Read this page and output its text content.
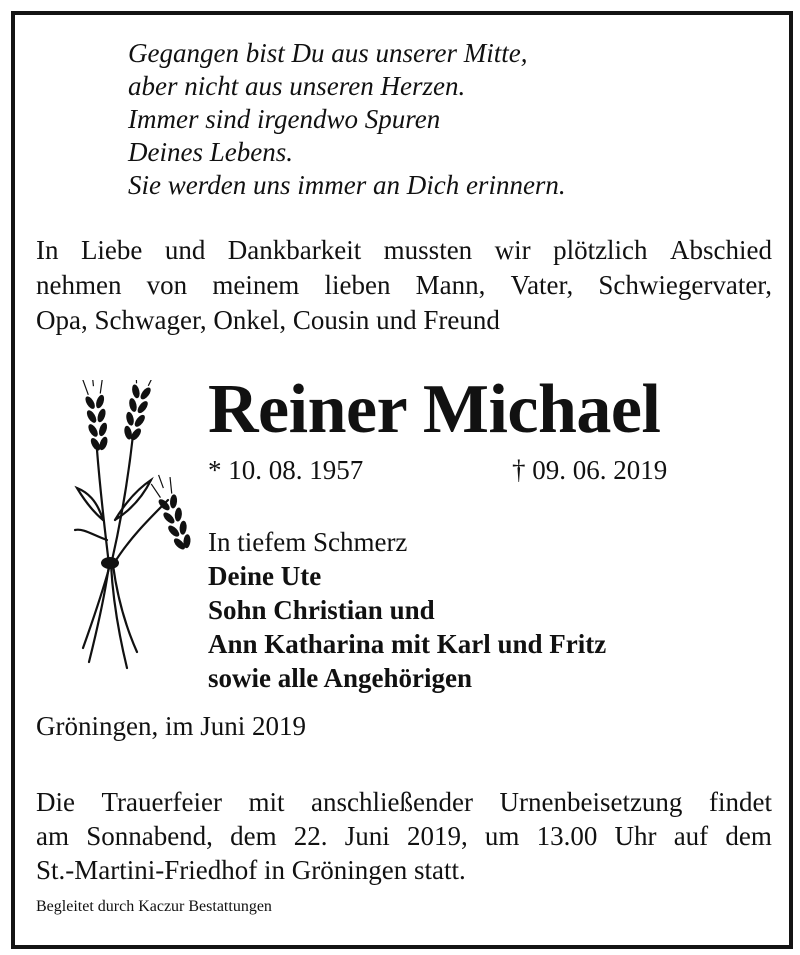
Gegangen bist Du aus unserer Mitte,
aber nicht aus unseren Herzen.
Immer sind irgendwo Spuren
Deines Lebens.
Sie werden uns immer an Dich erinnern.
In Liebe und Dankbarkeit mussten wir plötzlich Abschied
nehmen von meinem lieben Mann, Vater, Schwiegervater,
Opa, Schwager, Onkel, Cousin und Freund
Reiner Michael
* 10. 08. 1957	† 09. 06. 2019
In tiefem Schmerz
Deine Ute
Sohn Christian und
Ann Katharina mit Karl und Fritz
sowie alle Angehörigen
Gröningen, im Juni 2019
Die Trauerfeier mit anschließender Urnenbeisetzung findet
am Sonnabend, dem 22. Juni 2019, um 13.00 Uhr auf dem
St.-Martini-Friedhof in Gröningen statt.
Begleitet durch Kaczur Bestattungen
